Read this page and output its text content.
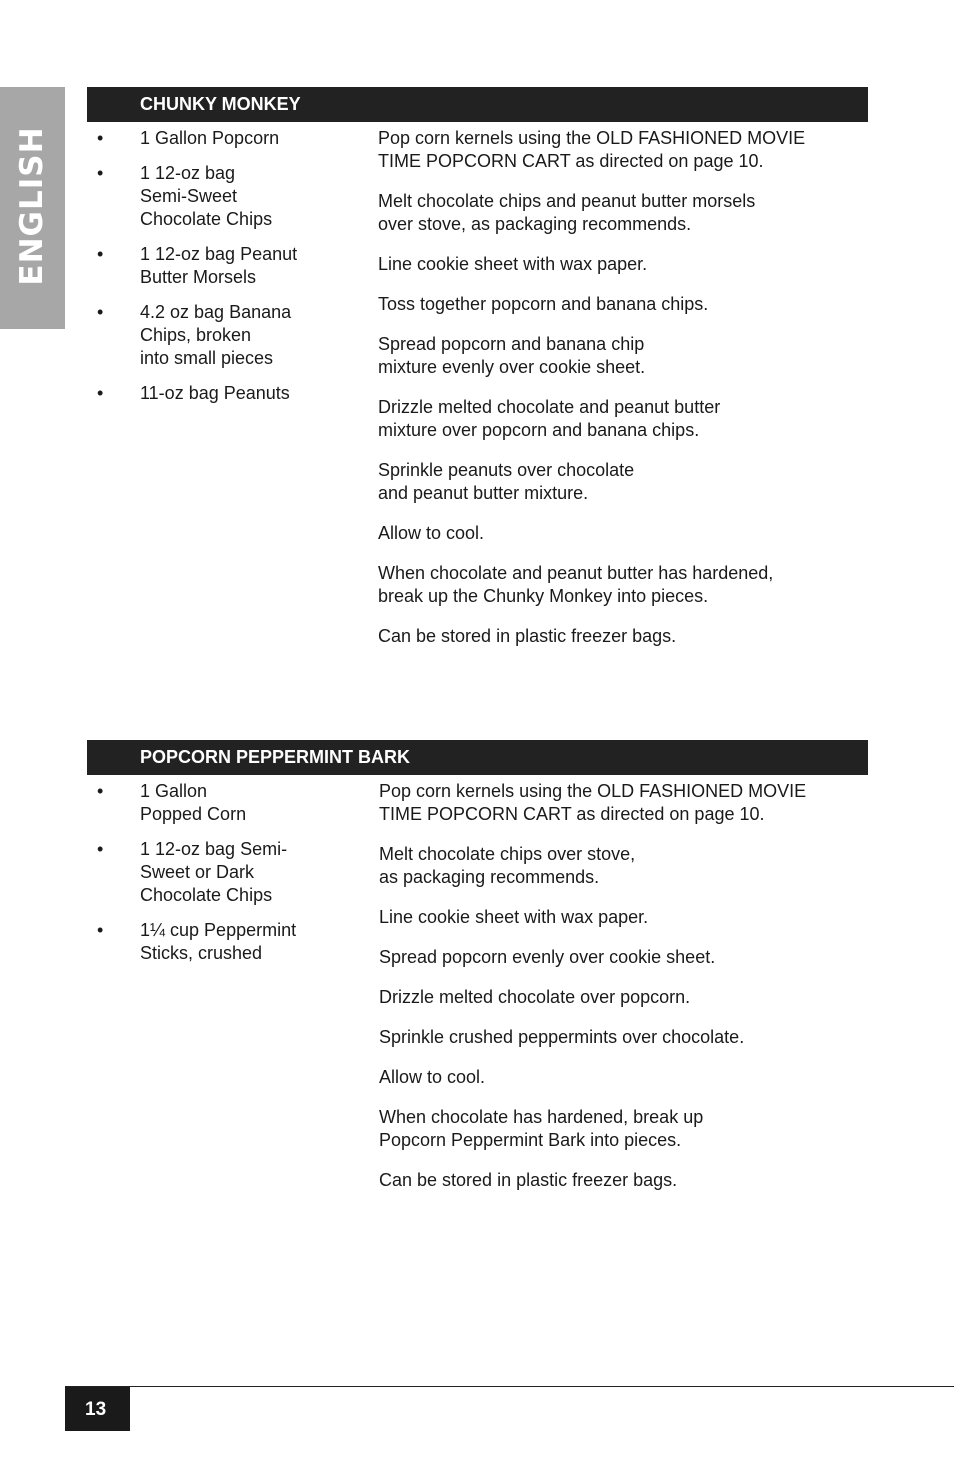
ENGLISH
CHUNKY MONKEY
• 1 Gallon Popcorn
• 1 12-oz bag
Semi-Sweet
Chocolate Chips
• 1 12-oz bag Peanut
Butter Morsels
• 4.2 oz bag Banana
Chips, broken
into small pieces
• 11-oz bag Peanuts

Pop corn kernels using the OLD FASHIONED MOVIE
TIME POPCORN CART as directed on page 10.

Melt chocolate chips and peanut butter morsels
over stove, as packaging recommends.

Line cookie sheet with wax paper.

Toss together popcorn and banana chips.

Spread popcorn and banana chip
mixture evenly over cookie sheet.

Drizzle melted chocolate and peanut butter
mixture over popcorn and banana chips.

Sprinkle peanuts over chocolate
and peanut butter mixture.

Allow to cool.

When chocolate and peanut butter has hardened,
break up the Chunky Monkey into pieces.

Can be stored in plastic freezer bags.

POPCORN PEPPERMINT BARK
• 1 Gallon
Popped Corn
• 1 12-oz bag Semi-
Sweet or Dark
Chocolate Chips
• 1¼ cup Peppermint
Sticks, crushed

Pop corn kernels using the OLD FASHIONED MOVIE
TIME POPCORN CART as directed on page 10.

Melt chocolate chips over stove,
as packaging recommends.

Line cookie sheet with wax paper.

Spread popcorn evenly over cookie sheet.

Drizzle melted chocolate over popcorn.

Sprinkle crushed peppermints over chocolate.

Allow to cool.

When chocolate has hardened, break up
Popcorn Peppermint Bark into pieces.

Can be stored in plastic freezer bags.

13
